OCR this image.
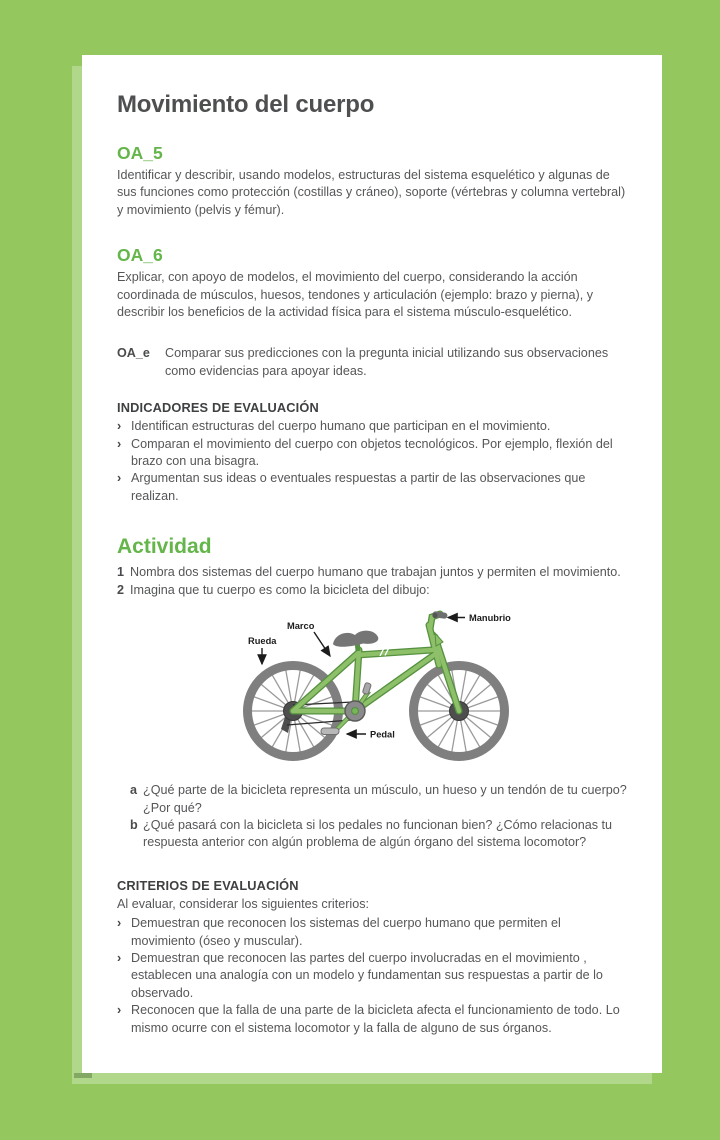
Movimiento del cuerpo
OA_5

Identificar y describir, usando modelos, estructuras del sistema esquelético y algunas de sus funciones como protección (costillas y cráneo), soporte (vértebras y columna vertebral) y movimiento (pelvis y fémur).

OA_6

Explicar, con apoyo de modelos, el movimiento del cuerpo, considerando la acción coordinada de músculos, huesos, tendones y articulación (ejemplo: brazo y pierna), y describir los beneficios de la actividad física para el sistema músculo-esquelético.

OA_e	Comparar sus predicciones con la pregunta inicial utilizando sus observaciones como evidencias para apoyar ideas.

INDICADORES DE EVALUACIÓN
› Identifican estructuras del cuerpo humano que participan en el movimiento.
› Comparan el movimiento del cuerpo con objetos tecnológicos. Por ejemplo, flexión del brazo con una bisagra.
› Argumentan sus ideas o eventuales respuestas a partir de las observaciones que realizan.
Actividad
1 Nombra dos sistemas del cuerpo humano que trabajan juntos y permiten el movimiento.
2 Imagina que tu cuerpo es como la bicicleta del dibujo:
Rueda
Marco
Manubrio
Pedal
a ¿Qué parte de la bicicleta representa un músculo, un hueso y un tendón de tu cuerpo? ¿Por qué?
b ¿Qué pasará con la bicicleta si los pedales no funcionan bien? ¿Cómo relacionas tu respuesta anterior con algún problema de algún órgano del sistema locomotor?
CRITERIOS DE EVALUACIÓN

Al evaluar, considerar los siguientes criterios:

› Demuestran que reconocen los sistemas del cuerpo humano que permiten el movimiento (óseo y muscular).
› Demuestran que reconocen las partes del cuerpo involucradas en el movimiento , establecen una analogía con un modelo y fundamentan sus respuestas a partir de lo observado.
› Reconocen que la falla de una parte de la bicicleta afecta el funcionamiento de todo. Lo mismo ocurre con el sistema locomotor y la falla de alguno de sus órganos.
